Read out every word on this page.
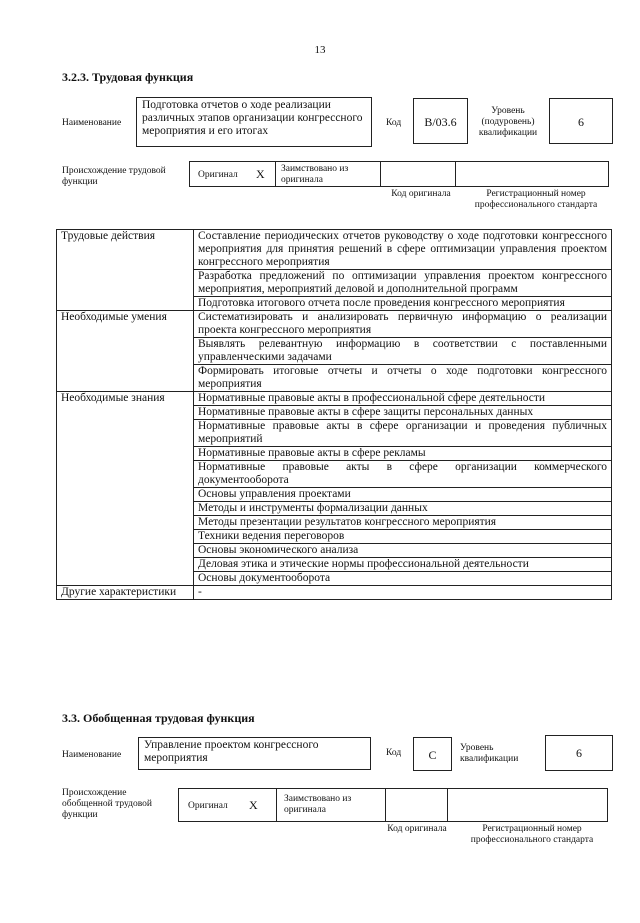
13
3.2.3. Трудовая функция
Наименование
Подготовка отчетов о ходе реализации различных этапов организации конгрессного мероприятия и его итогах
Код	B/03.6
Уровень (подуровень) квалификации
6
Происхождение трудовой функции
Оригинал X Заимствовано из оригинала
Код оригинала	Регистрационный номер профессионального стандарта
Трудовые действия	Составление периодических отчетов руководству о ходе подготовки конгрессного мероприятия для принятия решений в сфере оптимизации управления проектом конгрессного мероприятия
	Разработка предложений по оптимизации управления проектом конгрессного мероприятия, мероприятий деловой и дополнительной программ
	Подготовка итогового отчета после проведения конгрессного мероприятия
Необходимые умения	Систематизировать и анализировать первичную информацию о реализации проекта конгрессного мероприятия
	Выявлять релевантную информацию в соответствии с поставленными управленческими задачами
	Формировать итоговые отчеты и отчеты о ходе подготовки конгрессного мероприятия
Необходимые знания	Нормативные правовые акты в профессиональной сфере деятельности
	Нормативные правовые акты в сфере защиты персональных данных
	Нормативные правовые акты в сфере организации и проведения публичных мероприятий
	Нормативные правовые акты в сфере рекламы
	Нормативные правовые акты в сфере организации коммерческого документооборота
	Основы управления проектами
	Методы и инструменты формализации данных
	Методы презентации результатов конгрессного мероприятия
	Техники ведения переговоров
	Основы экономического анализа
	Деловая этика и этические нормы профессиональной деятельности
	Основы документооборота
Другие характеристики	-
3.3. Обобщенная трудовая функция
Наименование
Управление проектом конгрессного мероприятия	Код	C	Уровень квалификации	6
Происхождение обобщенной трудовой функции
Оригинал X	Заимствовано из оригинала
Код оригинала	Регистрационный номер профессионального стандарта
